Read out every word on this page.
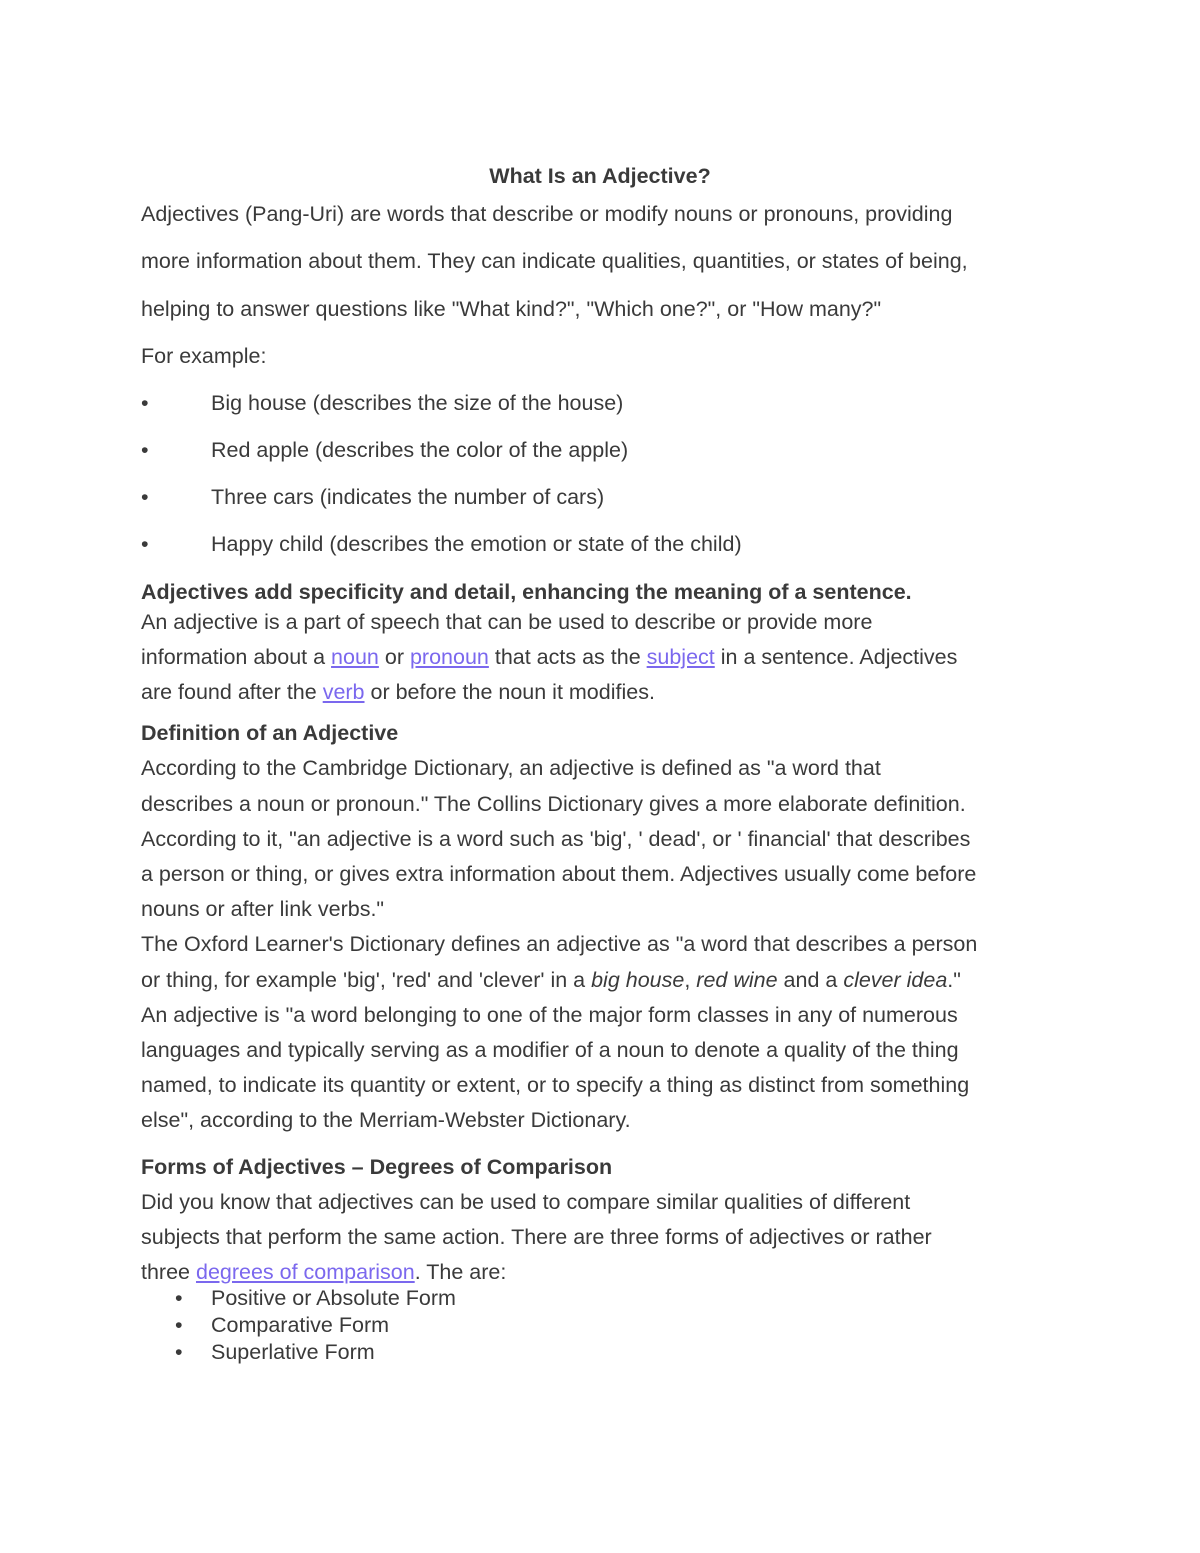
What Is an Adjective?
Adjectives (Pang-Uri) are words that describe or modify nouns or pronouns, providing
more information about them. They can indicate qualities, quantities, or states of being,
helping to answer questions like "What kind?", "Which one?", or "How many?"
For example:
•	Big house (describes the size of the house)
•	Red apple (describes the color of the apple)
•	Three cars (indicates the number of cars)
•	Happy child (describes the emotion or state of the child)
Adjectives add specificity and detail, enhancing the meaning of a sentence.
An adjective is a part of speech that can be used to describe or provide more
information about a noun or pronoun that acts as the subject in a sentence. Adjectives
are found after the verb or before the noun it modifies.
Definition of an Adjective
According to the Cambridge Dictionary, an adjective is defined as "a word that
describes a noun or pronoun." The Collins Dictionary gives a more elaborate definition.
According to it, "an adjective is a word such as 'big', ' dead', or ' financial' that describes
a person or thing, or gives extra information about them. Adjectives usually come before
nouns or after link verbs."
The Oxford Learner's Dictionary defines an adjective as "a word that describes a person
or thing, for example 'big', 'red' and 'clever' in a big house, red wine and a clever idea."
An adjective is "a word belonging to one of the major form classes in any of numerous
languages and typically serving as a modifier of a noun to denote a quality of the thing
named, to indicate its quantity or extent, or to specify a thing as distinct from something
else", according to the Merriam-Webster Dictionary.
Forms of Adjectives – Degrees of Comparison
Did you know that adjectives can be used to compare similar qualities of different
subjects that perform the same action. There are three forms of adjectives or rather
three degrees of comparison. The are:
• Positive or Absolute Form
• Comparative Form
• Superlative Form
